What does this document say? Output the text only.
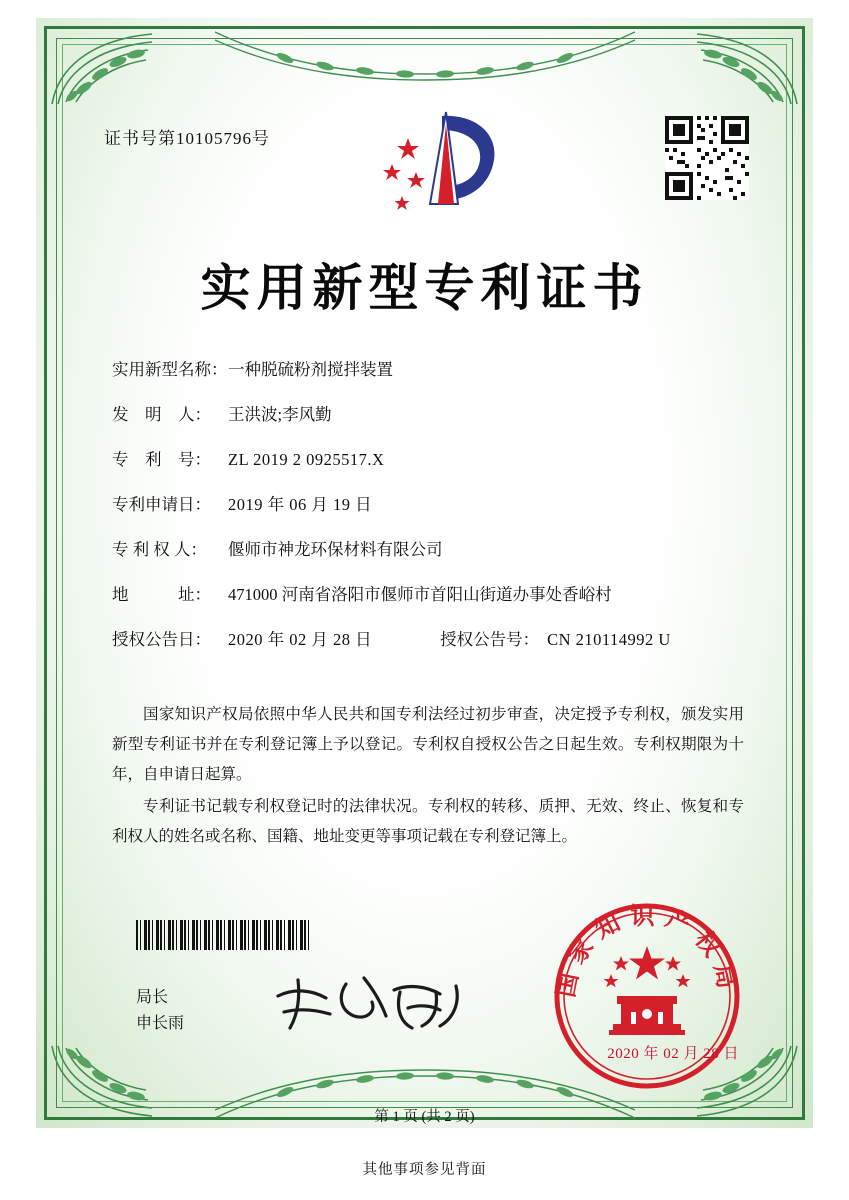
证书号第10105796号
实用新型专利证书
实用新型名称： 一种脱硫粉剂搅拌装置
发　明　人：	王洪波;李风勤
专　利　号：	ZL 2019 2 0925517.X
专利申请日：	2019 年 06 月 19 日
专 利 权 人：	偃师市神龙环保材料有限公司
地　　　址：	471000 河南省洛阳市偃师市首阳山街道办事处香峪村
授权公告日：	2020 年 02 月 28 日	授权公告号： CN 210114992 U

国家知识产权局依照中华人民共和国专利法经过初步审查，决定授予专利权，颁发实用新型专利证书并在专利登记簿上予以登记。专利权自授权公告之日起生效。专利权期限为十年，自申请日起算。

专利证书记载专利权登记时的法律状况。专利权的转移、质押、无效、终止、恢复和专利权人的姓名或名称、国籍、地址变更等事项记载在专利登记簿上。

局长
申长雨
国家知识产权局
2020 年 02 月 28 日
第 1 页 (共 2 页)
其他事项参见背面
